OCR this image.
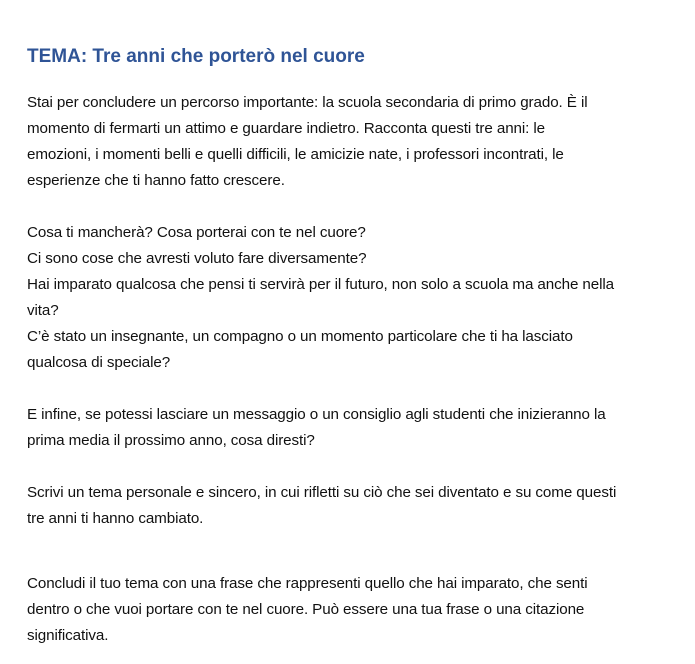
TEMA: Tre anni che porterò nel cuore
Stai per concludere un percorso importante: la scuola secondaria di primo grado. È il
momento di fermarti un attimo e guardare indietro. Racconta questi tre anni: le
emozioni, i momenti belli e quelli difficili, le amicizie nate, i professori incontrati, le
esperienze che ti hanno fatto crescere.
Cosa ti mancherà? Cosa porterai con te nel cuore?
Ci sono cose che avresti voluto fare diversamente?
Hai imparato qualcosa che pensi ti servirà per il futuro, non solo a scuola ma anche nella
vita?
C’è stato un insegnante, un compagno o un momento particolare che ti ha lasciato
qualcosa di speciale?
E infine, se potessi lasciare un messaggio o un consiglio agli studenti che inizieranno la
prima media il prossimo anno, cosa diresti?
Scrivi un tema personale e sincero, in cui rifletti su ciò che sei diventato e su come questi
tre anni ti hanno cambiato.
Concludi il tuo tema con una frase che rappresenti quello che hai imparato, che senti
dentro o che vuoi portare con te nel cuore. Può essere una tua frase o una citazione
significativa.
